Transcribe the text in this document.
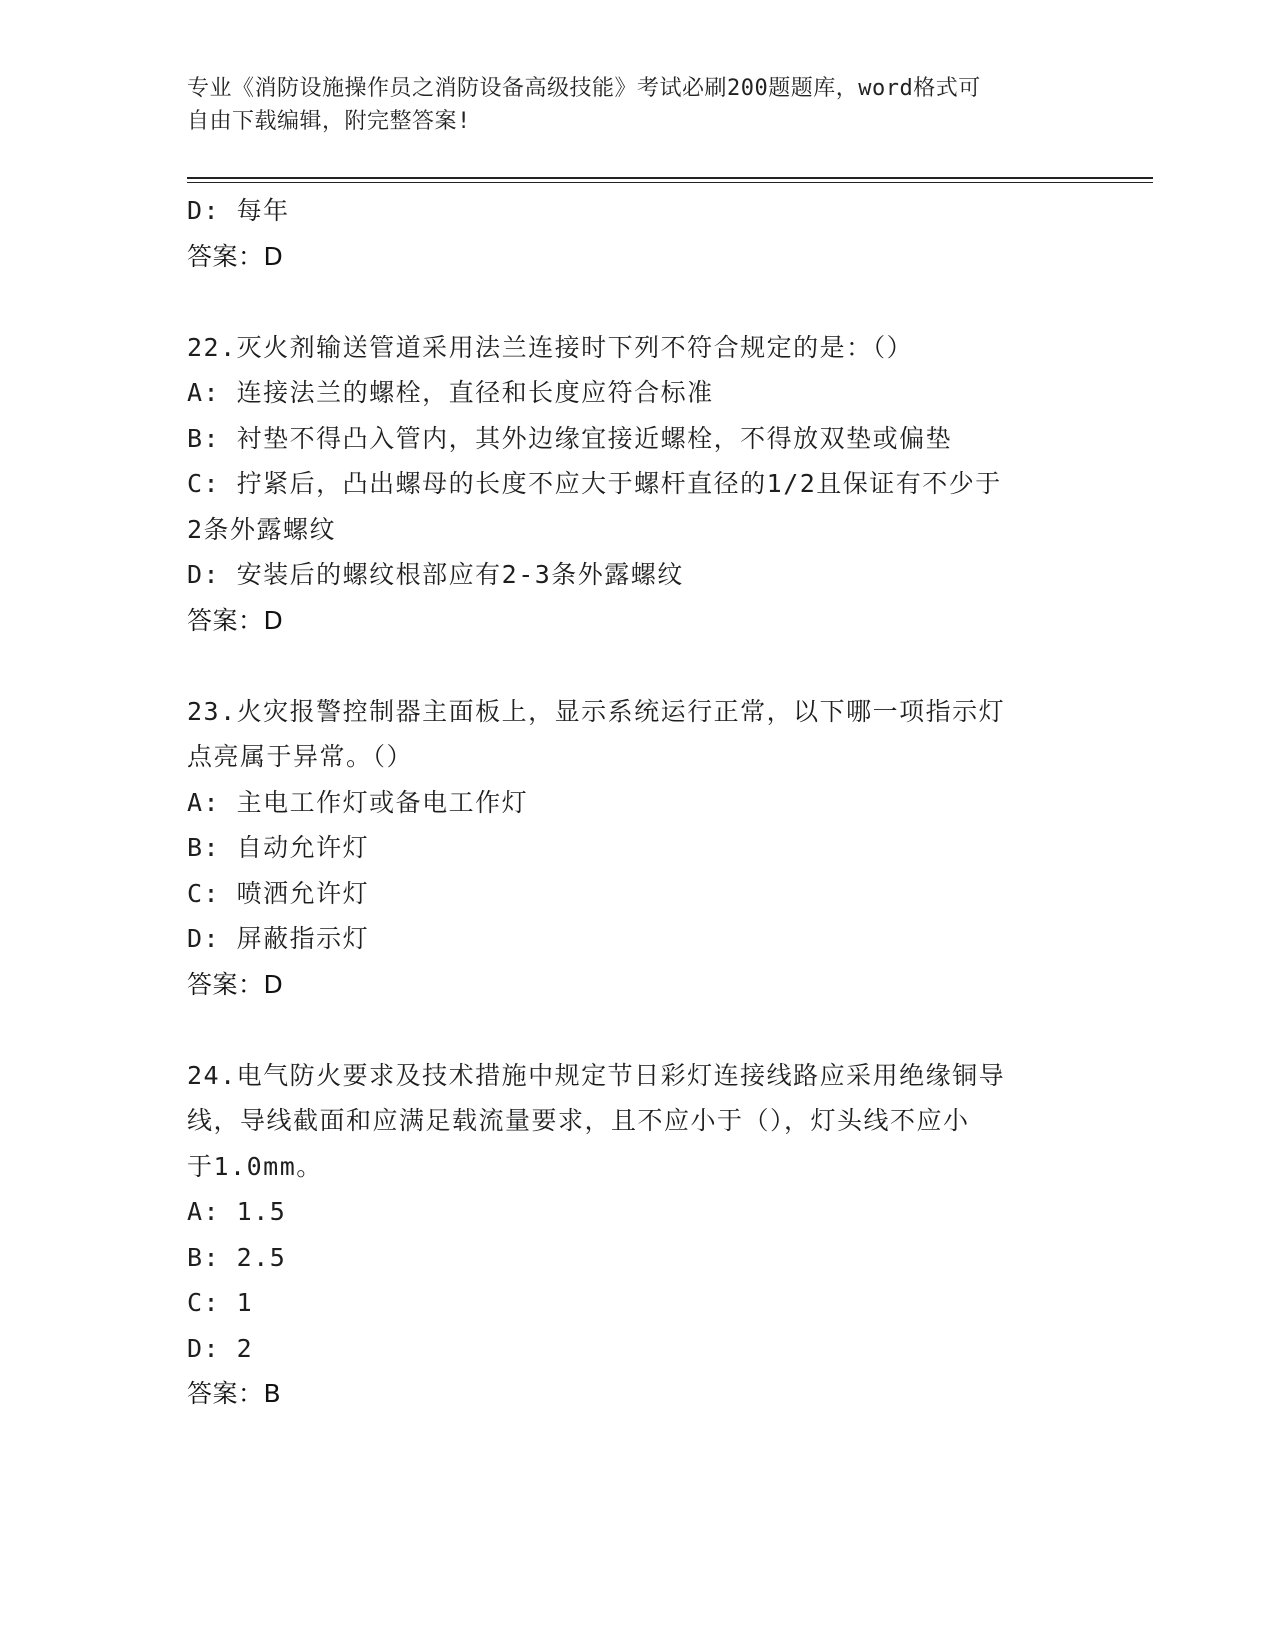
专业《消防设施操作员之消防设备高级技能》考试必刷200题题库，word格式可
自由下载编辑，附完整答案!
D: 每年
答案：D
22.灭火剂输送管道采用法兰连接时下列不符合规定的是：（）
A: 连接法兰的螺栓，直径和长度应符合标准
B: 衬垫不得凸入管内，其外边缘宜接近螺栓，不得放双垫或偏垫
C: 拧紧后，凸出螺母的长度不应大于螺杆直径的1/2且保证有不少于
2条外露螺纹
D: 安装后的螺纹根部应有2-3条外露螺纹
答案：D
23.火灾报警控制器主面板上，显示系统运行正常，以下哪一项指示灯
点亮属于异常。（）
A: 主电工作灯或备电工作灯
B: 自动允许灯
C: 喷洒允许灯
D: 屏蔽指示灯
答案：D
24.电气防火要求及技术措施中规定节日彩灯连接线路应采用绝缘铜导
线，导线截面和应满足载流量要求，且不应小于（），灯头线不应小
于1.0mm。
A: 1.5
B: 2.5
C: 1
D: 2
答案：B
